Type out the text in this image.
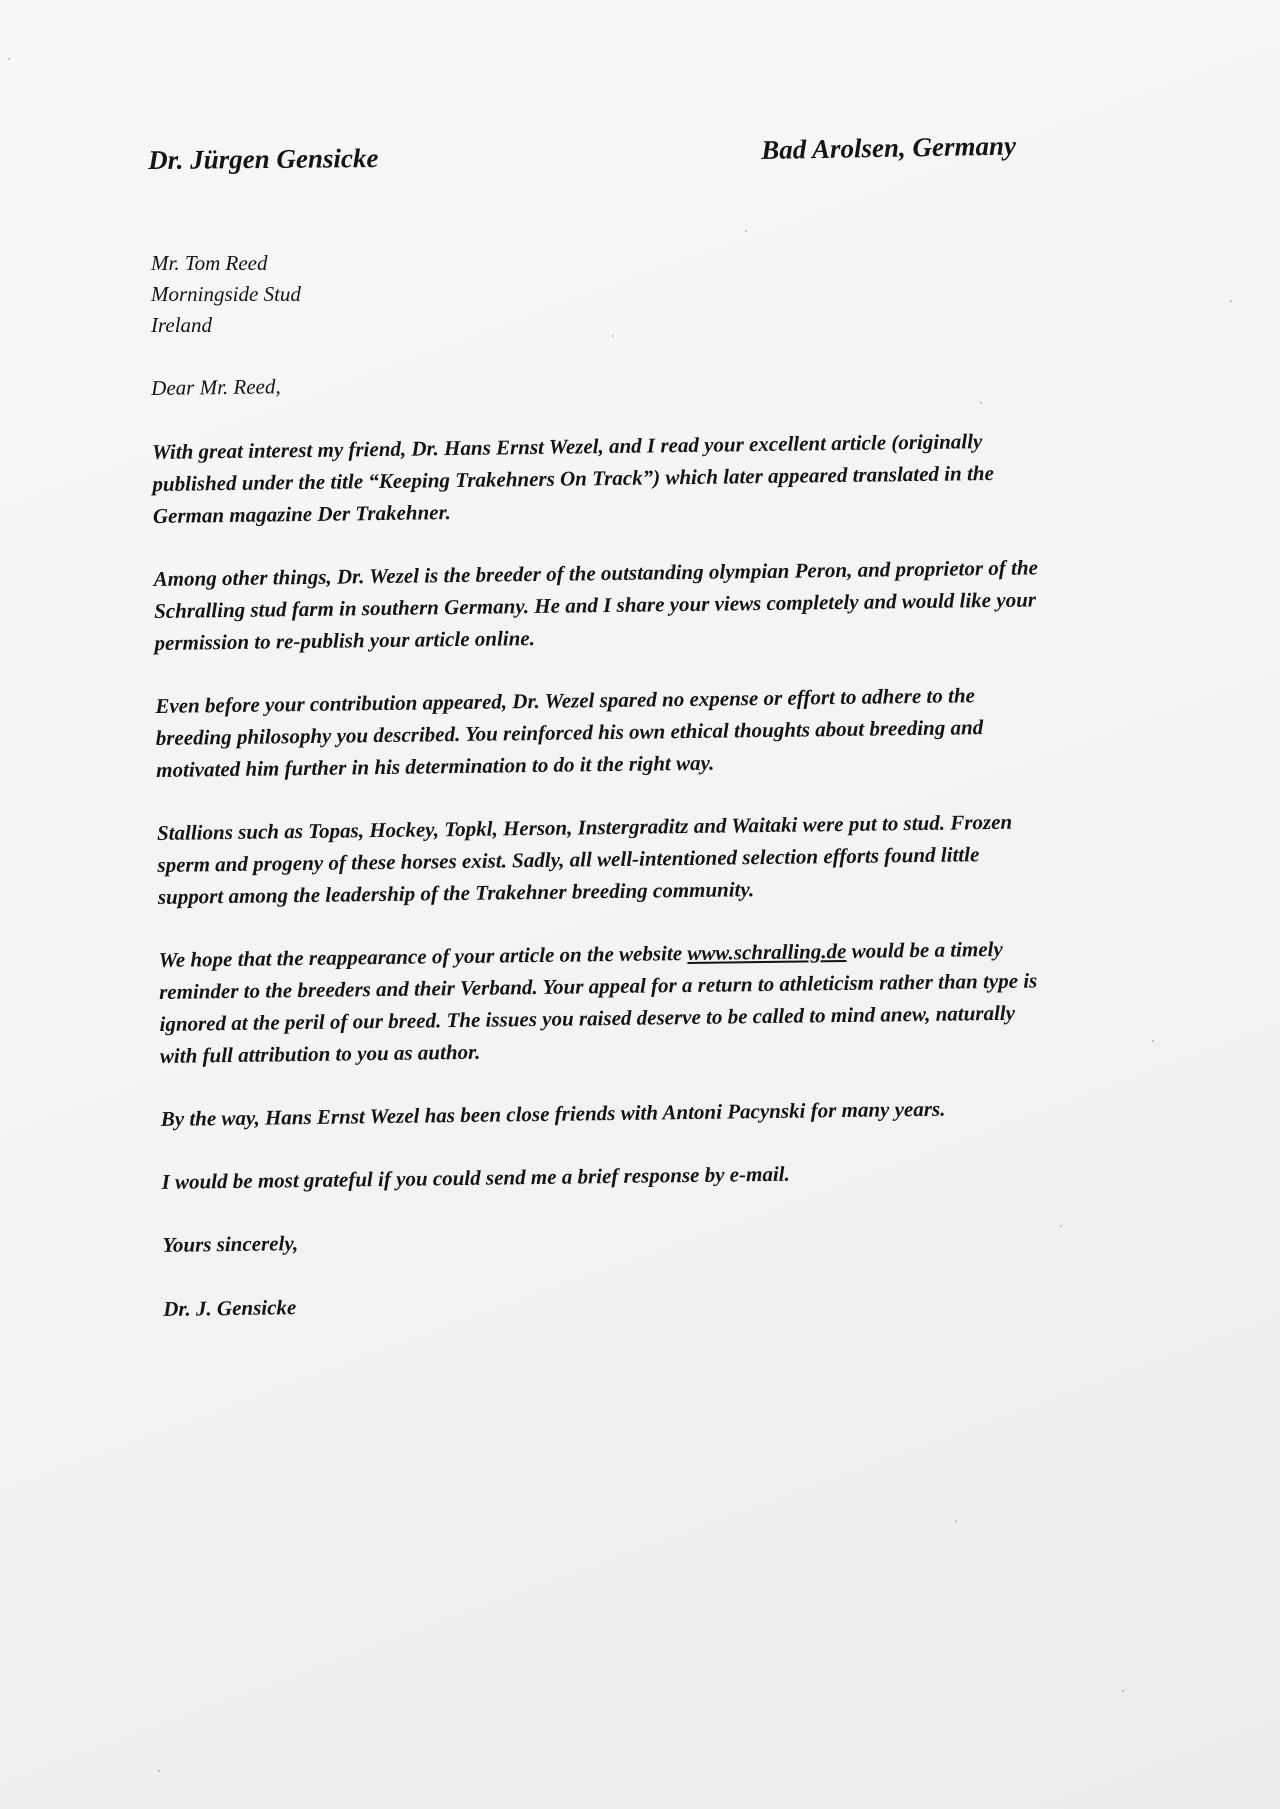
Dr. Jürgen Gensicke	Bad Arolsen, Germany
Mr. Tom Reed
Morningside Stud
Ireland

Dear Mr. Reed,

With great interest my friend, Dr. Hans Ernst Wezel, and I read your excellent article (originally
published under the title “Keeping Trakehners On Track”) which later appeared translated in the
German magazine Der Trakehner.

Among other things, Dr. Wezel is the breeder of the outstanding olympian Peron, and proprietor of the
Schralling stud farm in southern Germany. He and I share your views completely and would like your
permission to re-publish your article online.

Even before your contribution appeared, Dr. Wezel spared no expense or effort to adhere to the
breeding philosophy you described. You reinforced his own ethical thoughts about breeding and
motivated him further in his determination to do it the right way.

Stallions such as Topas, Hockey, Topkl, Herson, Instergraditz and Waitaki were put to stud. Frozen
sperm and progeny of these horses exist. Sadly, all well-intentioned selection efforts found little
support among the leadership of the Trakehner breeding community.

We hope that the reappearance of your article on the website www.schralling.de would be a timely
reminder to the breeders and their Verband. Your appeal for a return to athleticism rather than type is
ignored at the peril of our breed. The issues you raised deserve to be called to mind anew, naturally
with full attribution to you as author.

By the way, Hans Ernst Wezel has been close friends with Antoni Pacynski for many years.

I would be most grateful if you could send me a brief response by e-mail.

Yours sincerely,

Dr. J. Gensicke
